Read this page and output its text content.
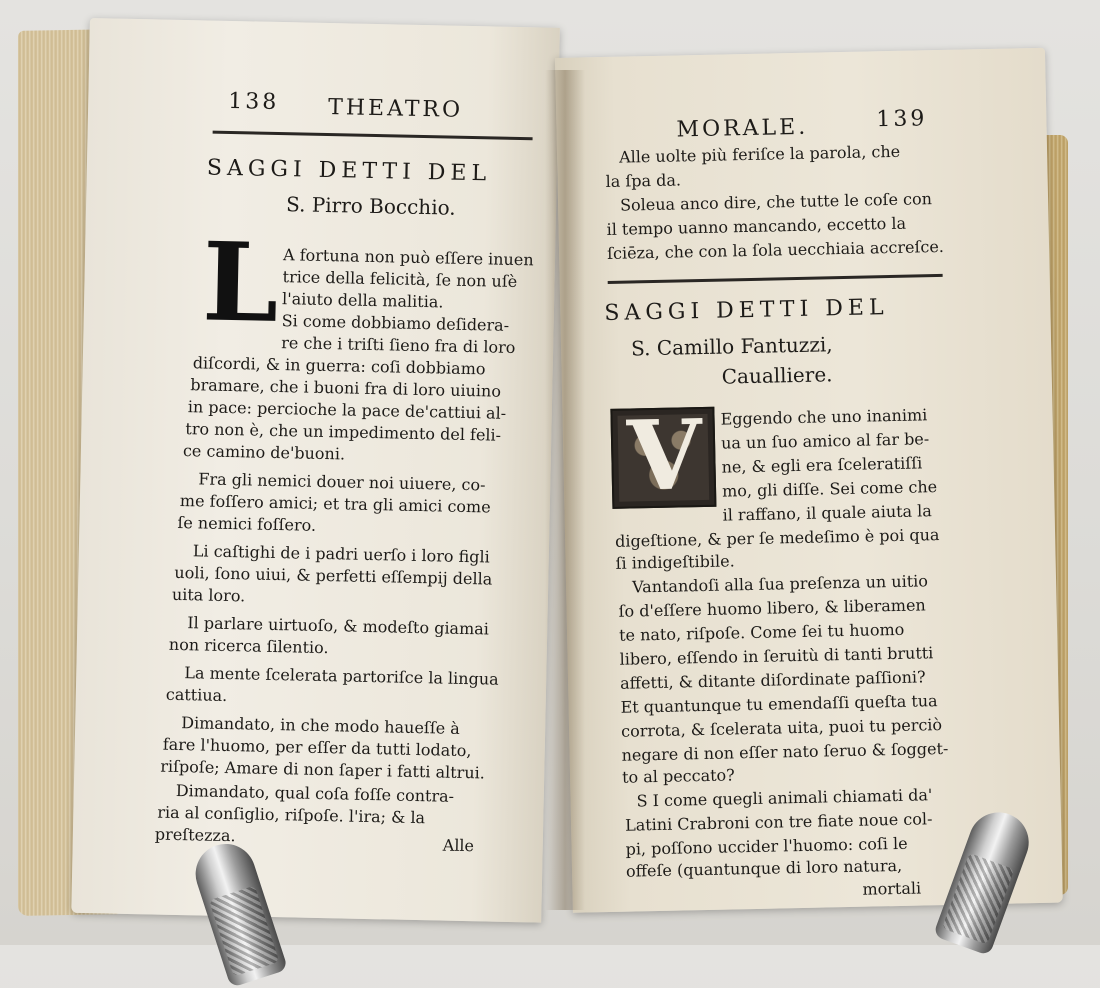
138 THEATRO
SAGGI DETTI DEL
S. Pirro Bocchio.
L A fortuna non può eſſere inuen
trice della felicità, ſe non uſè
l'aiuto della malitia.
Si come dobbiamo deſidera-
re che i triſti ſieno fra di loro
diſcordi, & in guerra: coſi dobbiamo
bramare, che i buoni fra di loro uiuino
in pace: percioche la pace de'cattiui al-
tro non è, che un impedimento del feli-
ce camino de'buoni.
Fra gli nemici douer noi uiuere, co-
me foſſero amici; et tra gli amici come
ſe nemici foſſero.
Li caſtighi de i padri uerſo i loro figli
uoli, ſono uiui, & perfetti eſſempij della
uita loro.
Il parlare uirtuoſo, & modeſto giamai
non ricerca ſilentio.
La mente ſcelerata partoriſce la lingua
cattiua.
Dimandato, in che modo haueſſe à
fare l'huomo, per eſſer da tutti lodato,
riſpoſe; Amare di non ſaper i fatti altrui.
Dimandato, qual coſa foſſe contra-
ria al conſiglio, riſpoſe. l'ira; & la
preſtezza.
Alle
MORALE.	139
Alle uolte più feriſce la parola, che
la ſpa da.
Soleua anco dire, che tutte le coſe con
il tempo uanno mancando, eccetto la
ſciēza, che con la ſola uecchiaia accreſce.
SAGGI DETTI DEL
S. Camillo Fantuzzi,
Caualliere.
V Eggendo che uno inanimi
ua un ſuo amico al far be-
ne, & egli era ſceleratiſſi
mo, gli diſſe. Sei come che
il raffano, il quale aiuta la
digeſtione, & per ſe medeſimo è poi qua
ſi indigeſtibile.
Vantandoſi alla ſua preſenza un uitio
ſo d'eſſere huomo libero, & liberamen
te nato, riſpoſe. Come ſei tu huomo
libero, eſſendo in ſeruitù di tanti brutti
affetti, & ditante diſordinate paſſioni?
Et quantunque tu emendaſſi queſta tua
corrota, & ſcelerata uita, puoi tu perciò
negare di non eſſer nato ſeruo & ſogget-
to al peccato?
S I come quegli animali chiamati da'
Latini Crabroni con tre fiate noue col-
pi, poſſono uccider l'huomo: coſi le
offeſe (quantunque di loro natura,
mortali
